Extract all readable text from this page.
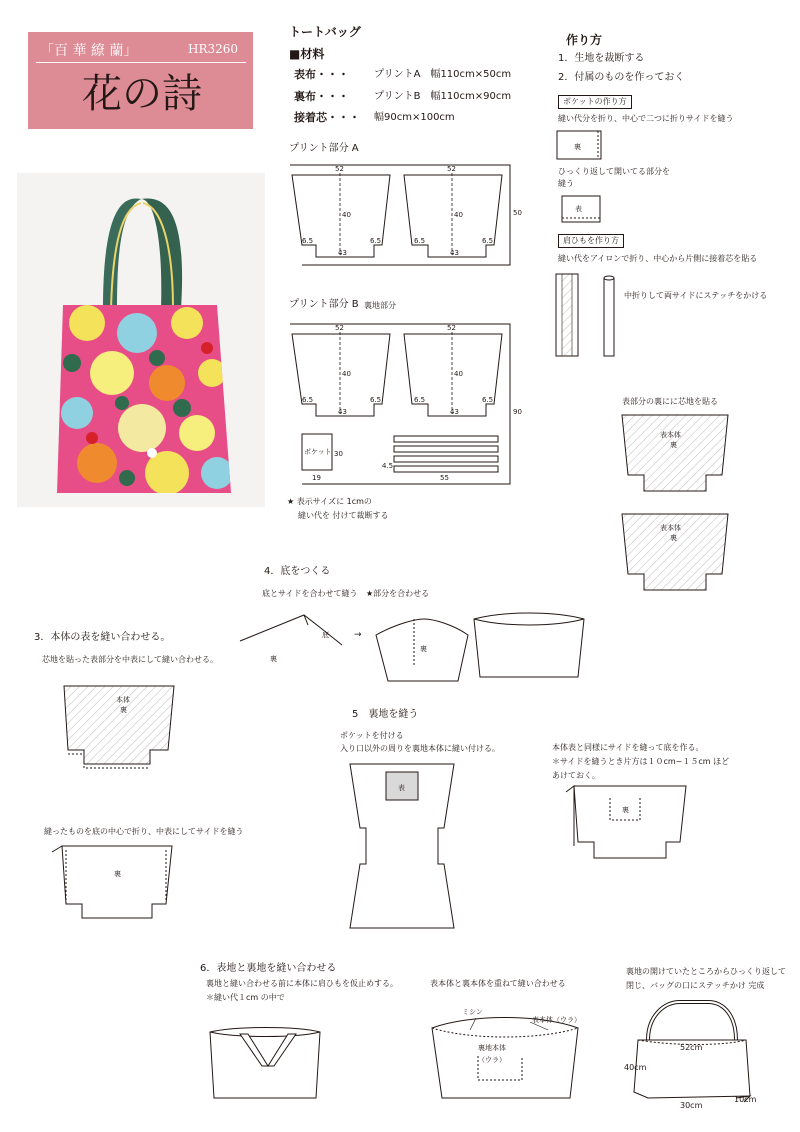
「百 華 繚 蘭」	HR3260
花の詩
トートバッグ
■材料
表布・・・	プリントA　幅110cm×50cm
裏布・・・	プリントB　幅110cm×90cm
接着芯・・・ 幅90cm×100cm
プリント部分 A
52	52
40	40
6.5	6.5	6.5	6.5
43	43
50
プリント部分 B 裏地部分
52	52
40	40
6.5	6.5	6.5	6.5
43	43
ポケット 30
19
4.5
55
90
★ 表示サイズに 1cmの
縫い代を 付けて裁断する
作り方
1．生地を裁断する
2．付属のものを作っておく
ポケットの作り方
縫い代分を折り、中心で二つに折りサイドを縫う
裏
ひっくり返して開いてる部分を
縫う
表
肩ひもを作り方
縫い代をアイロンで折り、中心から片側に接着芯を貼る
中折りして両サイドにステッチをかける
表部分の裏にに芯地を貼る
表本体
裏
表本体
裏
4．底をつくる
底とサイドを合わせて縫う ★部分を合わせる
裏
底	→
裏
3．本体の表を縫い合わせる。
芯地を貼った表部分を中表にして縫い合わせる。
本体
裏
縫ったものを底の中心で折り、中表にしてサイドを縫う
裏
5　裏地を縫う
ポケットを付ける
入り口以外の周りを裏地本体に縫い付ける。
表
本体表と同様にサイドを縫って底を作る。
＊サイドを縫うとき片方は１０cm~１５cm ほど
あけておく。
裏
6．表地と裏地を縫い合わせる
裏地と縫い合わせる前に本体に肩ひもを仮止めする。
＊縫い代１cm の中で
表本体と裏本体を重ねて縫い合わせる
ミシン
表本体（ウラ）
裏地本体
（ウラ）
裏地の開けていたところからひっくり返して
閉じ、バッグの口にステッチかけ 完成
52cm
40cm
30cm
10cm
